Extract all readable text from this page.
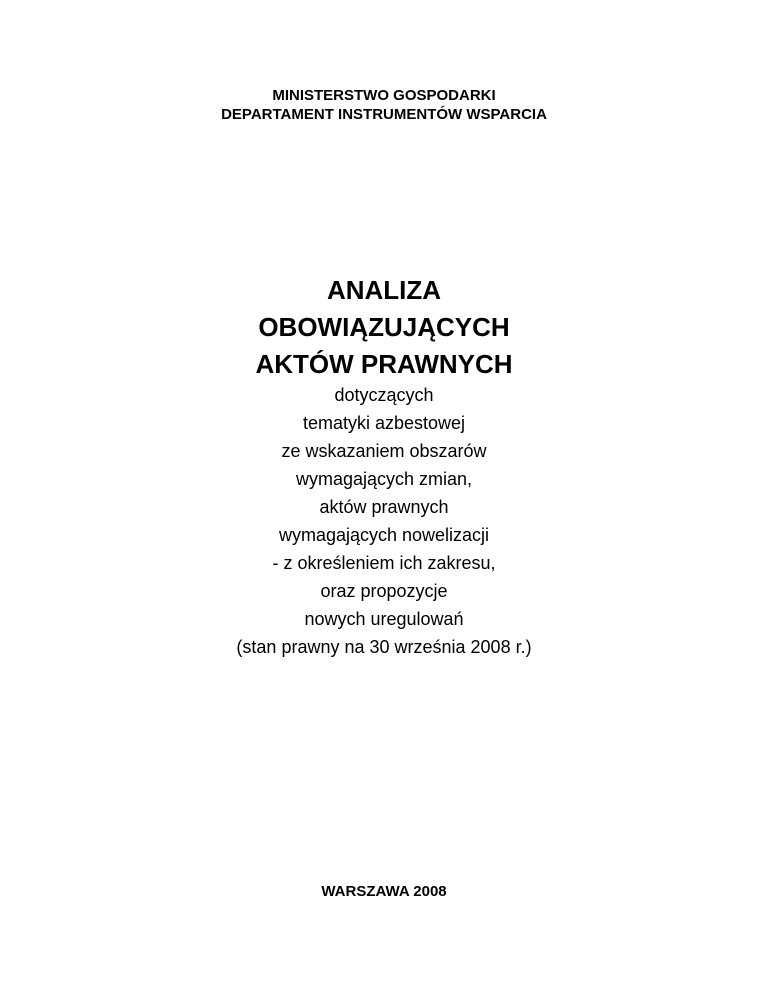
MINISTERSTWO GOSPODARKI
DEPARTAMENT INSTRUMENTÓW WSPARCIA
ANALIZA
OBOWIĄZUJĄCYCH
AKTÓW PRAWNYCH
dotyczących
tematyki azbestowej
ze wskazaniem obszarów
wymagających zmian,
aktów prawnych
wymagających nowelizacji
- z określeniem ich zakresu,
oraz propozycje
nowych uregulowań
(stan prawny na 30 września 2008 r.)
WARSZAWA 2008
